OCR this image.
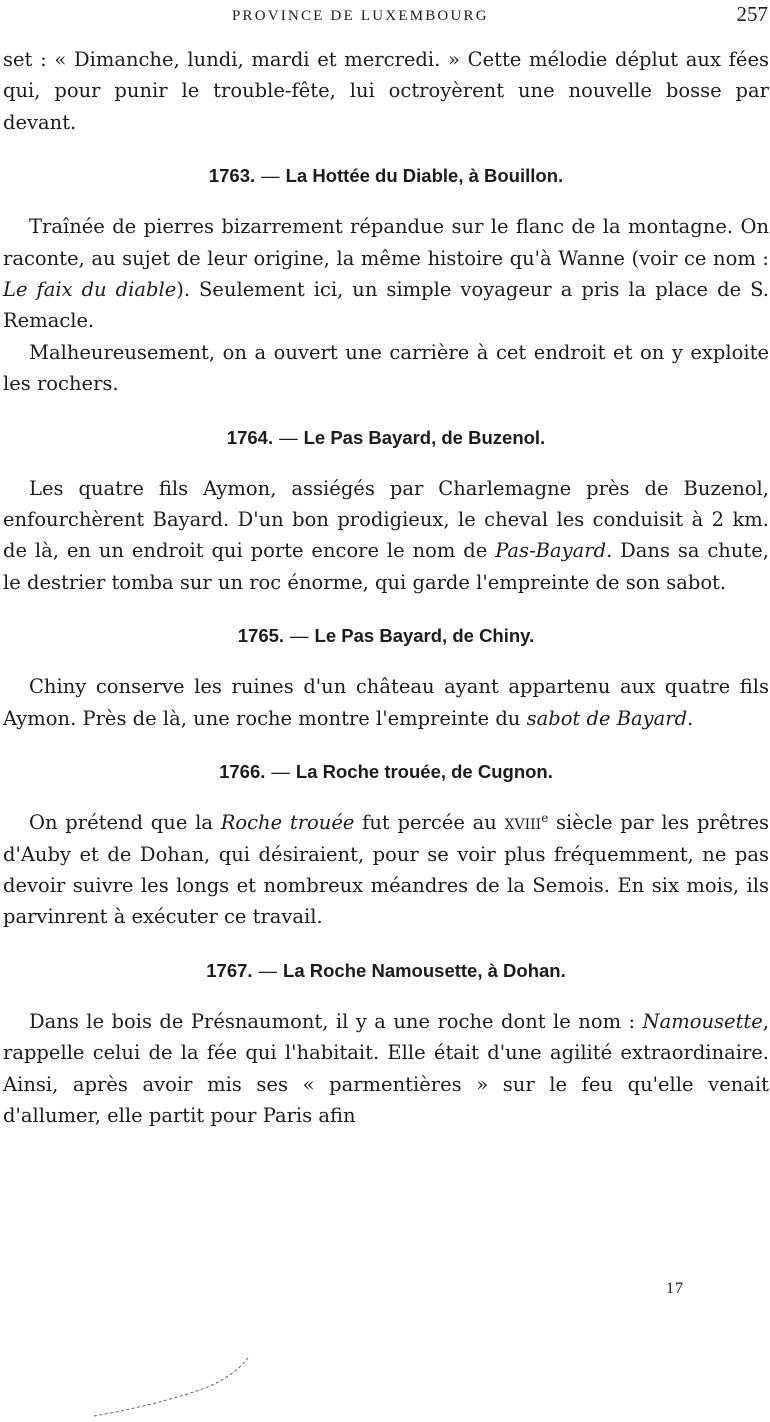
PROVINCE DE LUXEMBOURG	257

set : « Dimanche, lundi, mardi et mercredi. » Cette mélodie déplut aux fées qui, pour punir le trouble-fête, lui octroyèrent une nouvelle bosse par devant.

1763. — La Hottée du Diable, à Bouillon.

Traînée de pierres bizarrement répandue sur le flanc de la montagne. On raconte, au sujet de leur origine, la même histoire qu'à Wanne (voir ce nom : Le faix du diable). Seulement ici, un simple voyageur a pris la place de S. Remacle.

Malheureusement, on a ouvert une carrière à cet endroit et on y exploite les rochers.

1764. — Le Pas Bayard, de Buzenol.

Les quatre fils Aymon, assiégés par Charlemagne près de Buzenol, enfourchèrent Bayard. D'un bon prodigieux, le cheval les conduisit à 2 km. de là, en un endroit qui porte encore le nom de Pas-Bayard. Dans sa chute, le destrier tomba sur un roc énorme, qui garde l'empreinte de son sabot.

1765. — Le Pas Bayard, de Chiny.

Chiny conserve les ruines d'un château ayant appartenu aux quatre fils Aymon. Près de là, une roche montre l'empreinte du sabot de Bayard.

1766. — La Roche trouée, de Cugnon.

On prétend que la Roche trouée fut percée au xviii$^e$ siècle par les prêtres d'Auby et de Dohan, qui désiraient, pour se voir plus fréquemment, ne pas devoir suivre les longs et nombreux méandres de la Semois. En six mois, ils parvinrent à exécuter ce travail.

1767. — La Roche Namousette, à Dohan.

Dans le bois de Présnaumont, il y a une roche dont le nom : Namousette, rappelle celui de la fée qui l'habitait. Elle était d'une agilité extraordinaire. Ainsi, après avoir mis ses « parmentières » sur le feu qu'elle venait d'allumer, elle partit pour Paris afin

17
